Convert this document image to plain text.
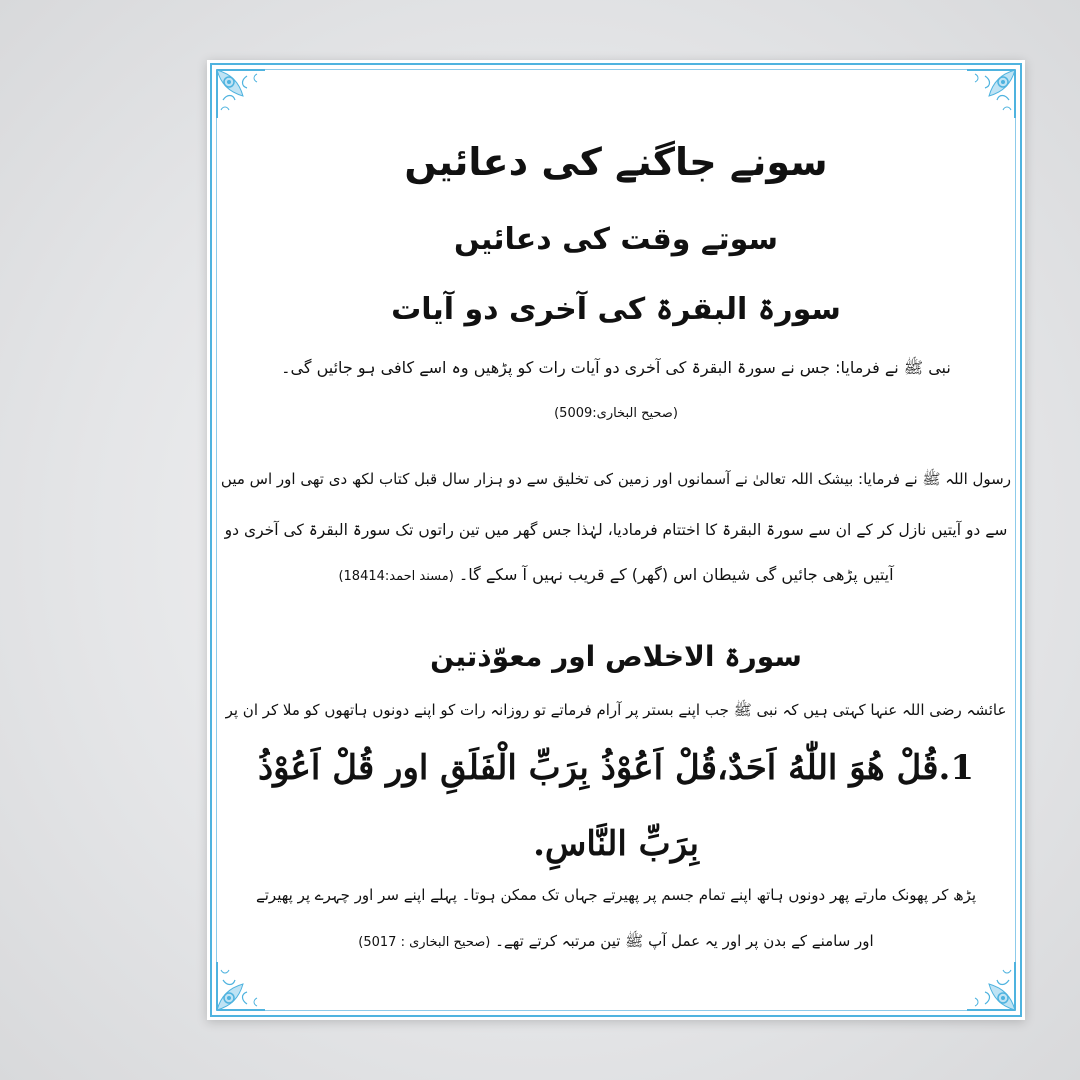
سونے جاگنے کی دعائیں
سوتے وقت کی دعائیں
سورۃ البقرۃ کی آخری دو آیات
نبی ﷺ نے فرمایا: جس نے سورۃ البقرۃ کی آخری دو آیات رات کو پڑھیں وہ اسے کافی ہو جائیں گی۔
(صحیح البخاری:5009)
رسول اللہ ﷺ نے فرمایا: بیشک اللہ تعالیٰ نے آسمانوں اور زمین کی تخلیق سے دو ہزار سال قبل کتاب لکھ دی تھی اور اس میں
سے دو آیتیں نازل کر کے ان سے سورۃ البقرۃ کا اختتام فرمادیا، لہٰذا جس گھر میں تین راتوں تک سورۃ البقرۃ کی آخری دو
آیتیں پڑھی جائیں گی شیطان اس (گھر) کے قریب نہیں آ سکے گا۔ (مسند احمد:18414)
سورۃ الاخلاص اور معوّذتین
عائشہ رضی اللہ عنہا کہتی ہیں کہ نبی ﷺ جب اپنے بستر پر آرام فرماتے تو روزانہ رات کو اپنے دونوں ہاتھوں کو ملا کر ان پر
1.قُلْ هُوَ اللّٰهُ اَحَدٌ،قُلْ اَعُوْذُ بِرَبِّ الْفَلَقِ اور قُلْ اَعُوْذُ
بِرَبِّ النَّاسِ.
پڑھ کر پھونک مارتے پھر دونوں ہاتھ اپنے تمام جسم پر پھیرتے جہاں تک ممکن ہوتا۔ پہلے اپنے سر اور چہرے پر پھیرتے
اور سامنے کے بدن پر اور یہ عمل آپ ﷺ تین مرتبہ کرتے تھے۔ (صحیح البخاری : 5017)
